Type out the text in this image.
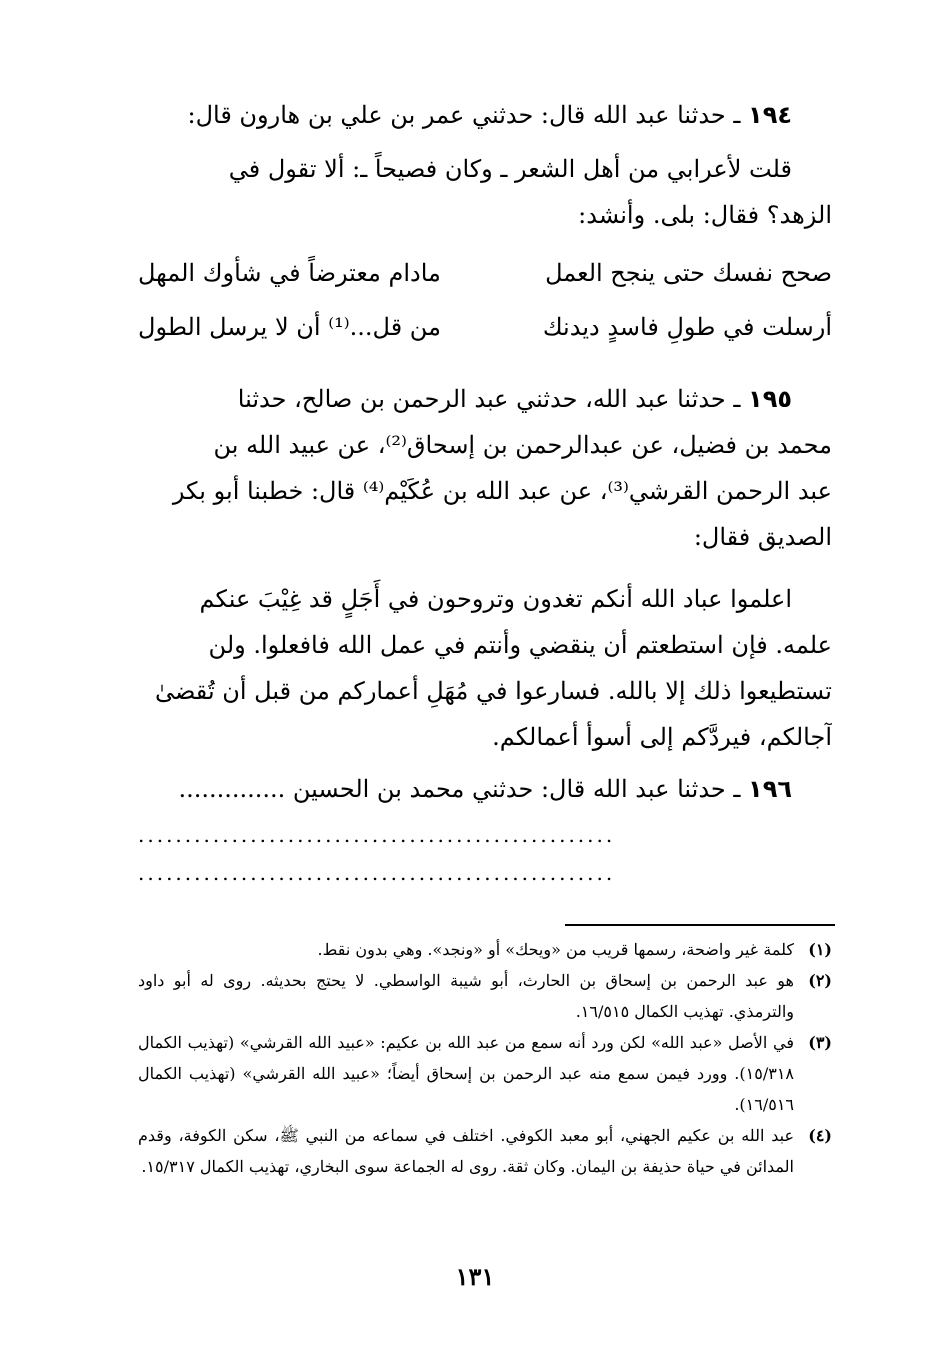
١٩٤ ـ حدثنا عبد الله قال: حدثني عمر بن علي بن هارون قال:
قلت لأعرابي من أهل الشعر ـ وكان فصيحاً ـ: ألا تقول في
الزهد؟ فقال: بلى. وأنشد:
صحح نفسك حتى ينجح العمل
مادام معترضاً في شأوك المهل
أرسلت في طولِ فاسدٍ ديدنك
من قل...⁽¹⁾ أن لا يرسل الطول
١٩٥ ـ حدثنا عبد الله، حدثني عبد الرحمن بن صالح، حدثنا
محمد بن فضيل، عن عبدالرحمن بن إسحاق⁽²⁾، عن عبيد الله بن
عبد الرحمن القرشي⁽³⁾، عن عبد الله بن عُكَيْم⁽⁴⁾ قال: خطبنا أبو بكر
الصديق فقال:
اعلموا عباد الله أنكم تغدون وتروحون في أَجَلٍ قد غِيْبَ عنكم
علمه. فإن استطعتم أن ينقضي وأنتم في عمل الله فافعلوا. ولن
تستطيعوا ذلك إلا بالله. فسارعوا في مُهَلِ أعماركم من قبل أن تُقضىٰ
آجالكم، فيردَّكم إلى أسوأ أعمالكم.
١٩٦ ـ حدثنا عبد الله قال: حدثني محمد بن الحسين ..............
...................................................
...................................................
(١)
كلمة غير واضحة، رسمها قريب من «ويحك» أو «ونجد». وهي بدون نقط.
(٢)
هو عبد الرحمن بن إسحاق بن الحارث، أبو شيبة الواسطي. لا يحتج بحديثه. روى له أبو داود والترمذي. تهذيب الكمال ١٦/٥١٥.
(٣)
في الأصل «عبد الله» لكن ورد أنه سمع من عبد الله بن عكيم: «عبيد الله القرشي» (تهذيب الكمال ١٥/٣١٨). وورد فيمن سمع منه عبد الرحمن بن إسحاق أيضاً؛ «عبيد الله القرشي» (تهذيب الكمال ١٦/٥١٦).
(٤)
عبد الله بن عكيم الجهني، أبو معبد الكوفي. اختلف في سماعه من النبي ﷺ، سكن الكوفة، وقدم المدائن في حياة حذيفة بن اليمان. وكان ثقة. روى له الجماعة سوى البخاري، تهذيب الكمال ١٥/٣١٧.
١٣١
